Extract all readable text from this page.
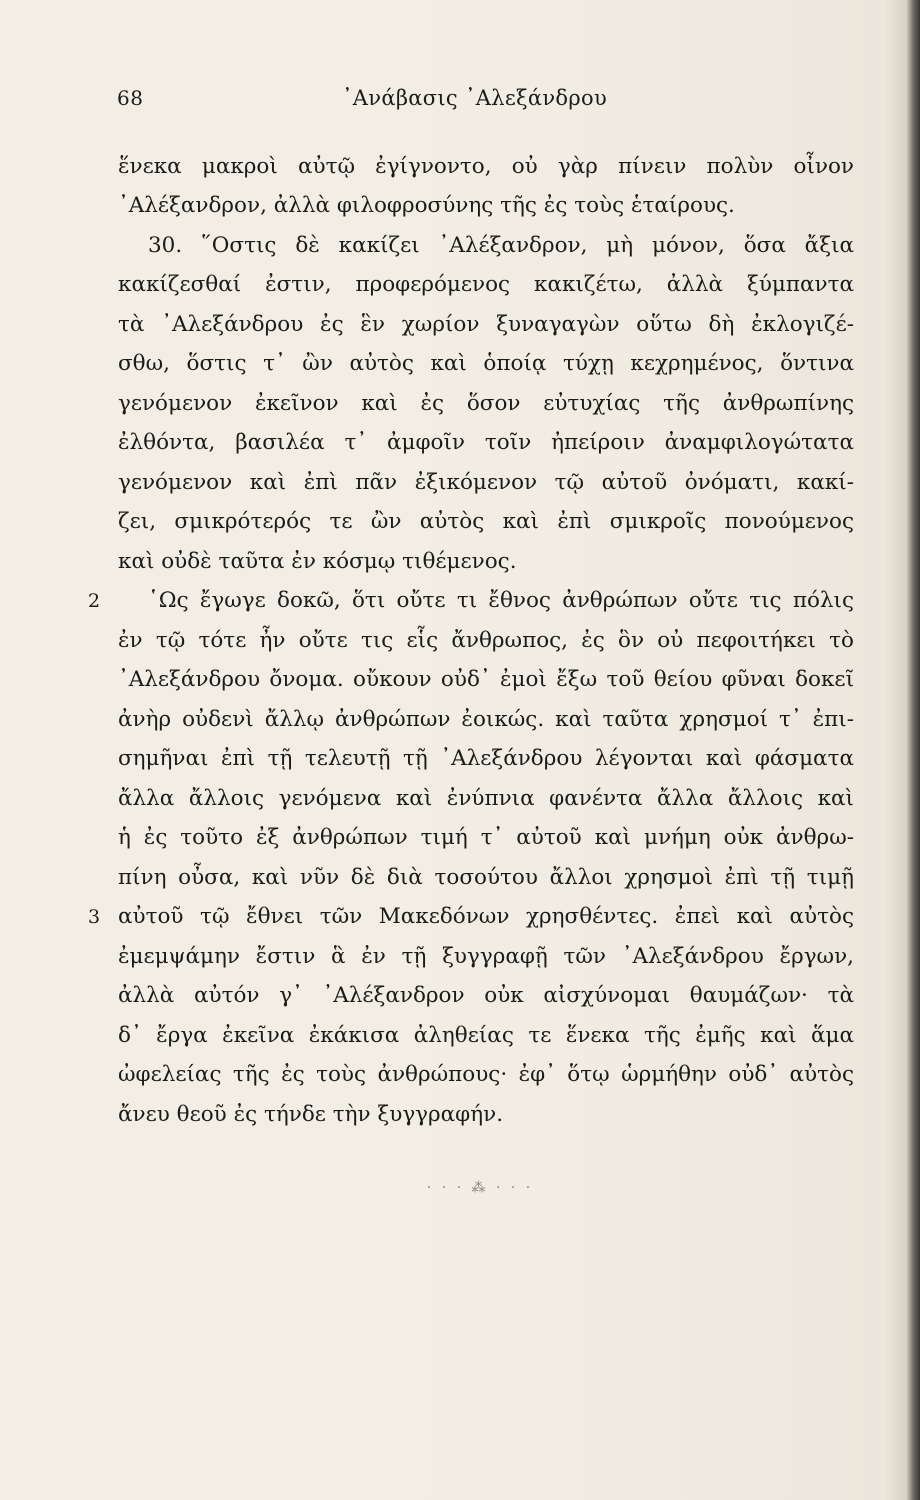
68	᾿Ανάβασις ᾿Αλεξάνδρου
ἕνεκα μακροὶ αὐτῷ ἐγίγνοντο, οὐ γὰρ πίνειν πολὺν οἶνον
᾿Αλέξανδρον, ἀλλὰ φιλοφροσύνης τῆς ἐς τοὺς ἑταίρους.
30. ῞Οστις δὲ κακίζει ᾿Αλέξανδρον, μὴ μόνον, ὅσα ἄξια
κακίζεσθαί ἐστιν, προφερόμενος κακιζέτω, ἀλλὰ ξύμπαντα
τὰ ᾿Αλεξάνδρου ἐς ἓν χωρίον ξυναγαγὼν οὕτω δὴ ἐκλογιζέ-
σθω, ὅστις τ᾿ ὢν αὐτὸς καὶ ὁποίᾳ τύχῃ κεχρημένος, ὅντινα
γενόμενον ἐκεῖνον καὶ ἐς ὅσον εὐτυχίας τῆς ἀνθρωπίνης
ἐλθόντα, βασιλέα τ᾿ ἀμφοῖν τοῖν ἠπείροιν ἀναμφιλογώτατα
γενόμενον καὶ ἐπὶ πᾶν ἐξικόμενον τῷ αὐτοῦ ὀνόματι, κακί-
ζει, σμικρότερός τε ὢν αὐτὸς καὶ ἐπὶ σμικροῖς πονούμενος
καὶ οὐδὲ ταῦτα ἐν κόσμῳ τιθέμενος.
2	῾Ως ἔγωγε δοκῶ, ὅτι οὔτε τι ἔθνος ἀνθρώπων οὔτε τις πόλις
ἐν τῷ τότε ἦν οὔτε τις εἷς ἄνθρωπος, ἐς ὃν οὐ πεφοιτήκει τὸ
᾿Αλεξάνδρου ὄνομα. οὔκουν οὐδ᾿ ἐμοὶ ἔξω τοῦ θείου φῦναι δοκεῖ
ἀνὴρ οὐδενὶ ἄλλῳ ἀνθρώπων ἐοικώς. καὶ ταῦτα χρησμοί τ᾿ ἐπι-
σημῆναι ἐπὶ τῇ τελευτῇ τῇ ᾿Αλεξάνδρου λέγονται καὶ φάσματα
ἄλλα ἄλλοις γενόμενα καὶ ἐνύπνια φανέντα ἄλλα ἄλλοις καὶ
ἡ ἐς τοῦτο ἐξ ἀνθρώπων τιμή τ᾿ αὐτοῦ καὶ μνήμη οὐκ ἀνθρω-
πίνη οὖσα, καὶ νῦν δὲ διὰ τοσούτου ἄλλοι χρησμοὶ ἐπὶ τῇ τιμῇ
3 αὐτοῦ τῷ ἔθνει τῶν Μακεδόνων χρησθέντες. ἐπεὶ καὶ αὐτὸς
ἐμεμψάμην ἔστιν ἃ ἐν τῇ ξυγγραφῇ τῶν ᾿Αλεξάνδρου ἔργων,
ἀλλὰ αὐτόν γ᾿ ᾿Αλέξανδρον οὐκ αἰσχύνομαι θαυμάζων· τὰ
δ᾿ ἔργα ἐκεῖνα ἐκάκισα ἀληθείας τε ἕνεκα τῆς ἐμῆς καὶ ἅμα
ὠφελείας τῆς ἐς τοὺς ἀνθρώπους· ἐφ᾿ ὅτῳ ὡρμήθην οὐδ᾿ αὐτὸς
ἄνευ θεοῦ ἐς τήνδε τὴν ξυγγραφήν.
· · · ⁂ · · ·
